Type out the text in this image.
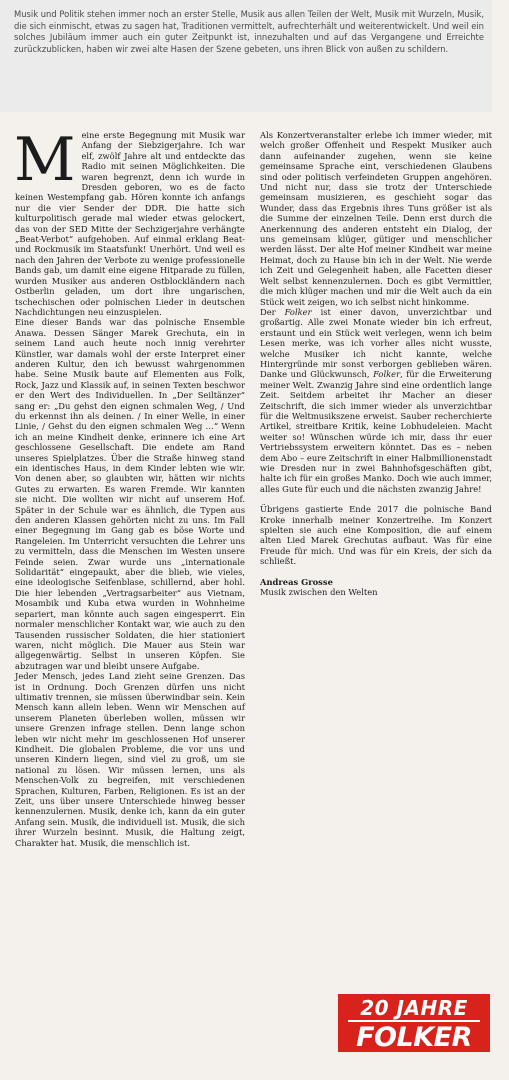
Musik und Politik stehen immer noch an erster Stelle, Musik aus allen Teilen der Welt, Musik mit Wurzeln, Musik, die sich einmischt, etwas zu sagen hat, Traditionen vermittelt, aufrechterhält und weiterentwickelt. Und weil ein solches Jubiläum immer auch ein guter Zeitpunkt ist, innezuhalten und auf das Vergangene und Erreichte zurückzublicken, haben wir zwei alte Hasen der Szene gebeten, uns ihren Blick von außen zu schildern.

Meine erste Begegnung mit Musik war Anfang der Siebzigerjahre. Ich war elf, zwölf Jahre alt und entdeckte das Radio mit seinen Möglichkeiten. Die waren begrenzt, denn ich wurde in Dresden geboren, wo es de facto keinen Westempfang gab. Hören konnte ich anfangs nur die vier Sender der DDR. Die hatte sich kulturpolitisch gerade mal wieder etwas gelockert, das von der SED Mitte der Sechzigerjahre verhängte „Beat-Verbot“ aufgehoben. Auf einmal erklang Beat- und Rockmusik im Staatsfunk! Unerhört. Und weil es nach den Jahren der Verbote zu wenige professionelle Bands gab, um damit eine eigene Hitparade zu füllen, wurden Musiker aus anderen Ostblockländern nach Ostberlin geladen, um dort ihre ungarischen, tschechischen oder polnischen Lieder in deutschen Nachdichtungen neu einzuspielen.

Eine dieser Bands war das polnische Ensemble Anawa. Dessen Sänger Marek Grechuta, ein in seinem Land auch heute noch innig verehrter Künstler, war damals wohl der erste Interpret einer anderen Kultur, den ich bewusst wahrgenommen habe. Seine Musik baute auf Elementen aus Folk, Rock, Jazz und Klassik auf, in seinen Texten beschwor er den Wert des Individuellen. In „Der Seiltänzer“ sang er: „Du gehst den eignen schmalen Weg, / Und du erkennst ihn als deinen. / In einer Welle, in einer Linie, / Gehst du den eignen schmalen Weg …“ Wenn ich an meine Kindheit denke, erinnere ich eine Art geschlossene Gesellschaft. Die endete am Rand unseres Spielplatzes. Über die Straße hinweg stand ein identisches Haus, in dem Kinder lebten wie wir. Von denen aber, so glaubten wir, hätten wir nichts Gutes zu erwarten. Es waren Fremde. Wir kannten sie nicht. Die wollten wir nicht auf unserem Hof. Später in der Schule war es ähnlich, die Typen aus den anderen Klassen gehörten nicht zu uns. Im Fall einer Begegnung im Gang gab es böse Worte und Rangeleien. Im Unterricht versuchten die Lehrer uns zu vermitteln, dass die Menschen im Westen unsere Feinde seien. Zwar wurde uns „internationale Solidarität“ eingepaukt, aber die blieb, wie vieles, eine ideologische Seifenblase, schillernd, aber hohl. Die hier lebenden „Vertragsarbeiter“ aus Vietnam, Mosambik und Kuba etwa wurden in Wohnheime separiert, man könnte auch sagen eingesperrt. Ein normaler menschlicher Kontakt war, wie auch zu den Tausenden russischer Soldaten, die hier stationiert waren, nicht möglich. Die Mauer aus Stein war allgegenwärtig. Selbst in unseren Köpfen. Sie abzutragen war und bleibt unsere Aufgabe.

Jeder Mensch, jedes Land zieht seine Grenzen. Das ist in Ordnung. Doch Grenzen dürfen uns nicht ultimativ trennen, sie müssen überwindbar sein. Kein Mensch kann allein leben. Wenn wir Menschen auf unserem Planeten überleben wollen, müssen wir unsere Grenzen infrage stellen. Denn lange schon leben wir nicht mehr im geschlossenen Hof unserer Kindheit. Die globalen Probleme, die vor uns und unseren Kindern liegen, sind viel zu groß, um sie national zu lösen. Wir müssen lernen, uns als Menschen-Volk zu begreifen, mit verschiedenen Sprachen, Kulturen, Farben, Religionen. Es ist an der Zeit, uns über unsere Unterschiede hinweg besser kennenzulernen. Musik, denke ich, kann da ein guter Anfang sein. Musik, die individuell ist. Musik, die sich ihrer Wurzeln besinnt. Musik, die Haltung zeigt, Charakter hat. Musik, die menschlich ist.

Als Konzertveranstalter erlebe ich immer wieder, mit welch großer Offenheit und Respekt Musiker auch dann aufeinander zugehen, wenn sie keine gemeinsame Sprache eint, verschiedenen Glaubens sind oder politisch verfeindeten Gruppen angehören. Und nicht nur, dass sie trotz der Unterschiede gemeinsam musizieren, es geschieht sogar das Wunder, dass das Ergebnis ihres Tuns größer ist als die Summe der einzelnen Teile. Denn erst durch die Anerkennung des anderen entsteht ein Dialog, der uns gemeinsam klüger, gütiger und menschlicher werden lässt. Der alte Hof meiner Kindheit war meine Heimat, doch zu Hause bin ich in der Welt. Nie werde ich Zeit und Gelegenheit haben, alle Facetten dieser Welt selbst kennenzulernen. Doch es gibt Vermittler, die mich klüger machen und mir die Welt auch da ein Stück weit zeigen, wo ich selbst nicht hinkomme.

Der Folker ist einer davon, unverzichtbar und großartig. Alle zwei Monate wieder bin ich erfreut, erstaunt und ein Stück weit verlegen, wenn ich beim Lesen merke, was ich vorher alles nicht wusste, welche Musiker ich nicht kannte, welche Hintergründe mir sonst verborgen geblieben wären. Danke und Glückwunsch, Folker, für die Erweiterung meiner Welt. Zwanzig Jahre sind eine ordentlich lange Zeit. Seitdem arbeitet ihr Macher an dieser Zeitschrift, die sich immer wieder als unverzichtbar für die Weltmusikszene erweist. Sauber recherchierte Artikel, streitbare Kritik, keine Lobhudeleien. Macht weiter so! Wünschen würde ich mir, dass ihr euer Vertriebssystem erweitern könntet. Das es – neben dem Abo – eure Zeitschrift in einer Halbmillionenstadt wie Dresden nur in zwei Bahnhofsgeschäften gibt, halte ich für ein großes Manko. Doch wie auch immer, alles Gute für euch und die nächsten zwanzig Jahre!

Übrigens gastierte Ende 2017 die polnische Band Kroke innerhalb meiner Konzertreihe. Im Konzert spielten sie auch eine Komposition, die auf einem alten Lied Marek Grechutas aufbaut. Was für eine Freude für mich. Und was für ein Kreis, der sich da schließt.

Andreas Grosse

Musik zwischen den Welten

20 JAHRE
FOLKER
